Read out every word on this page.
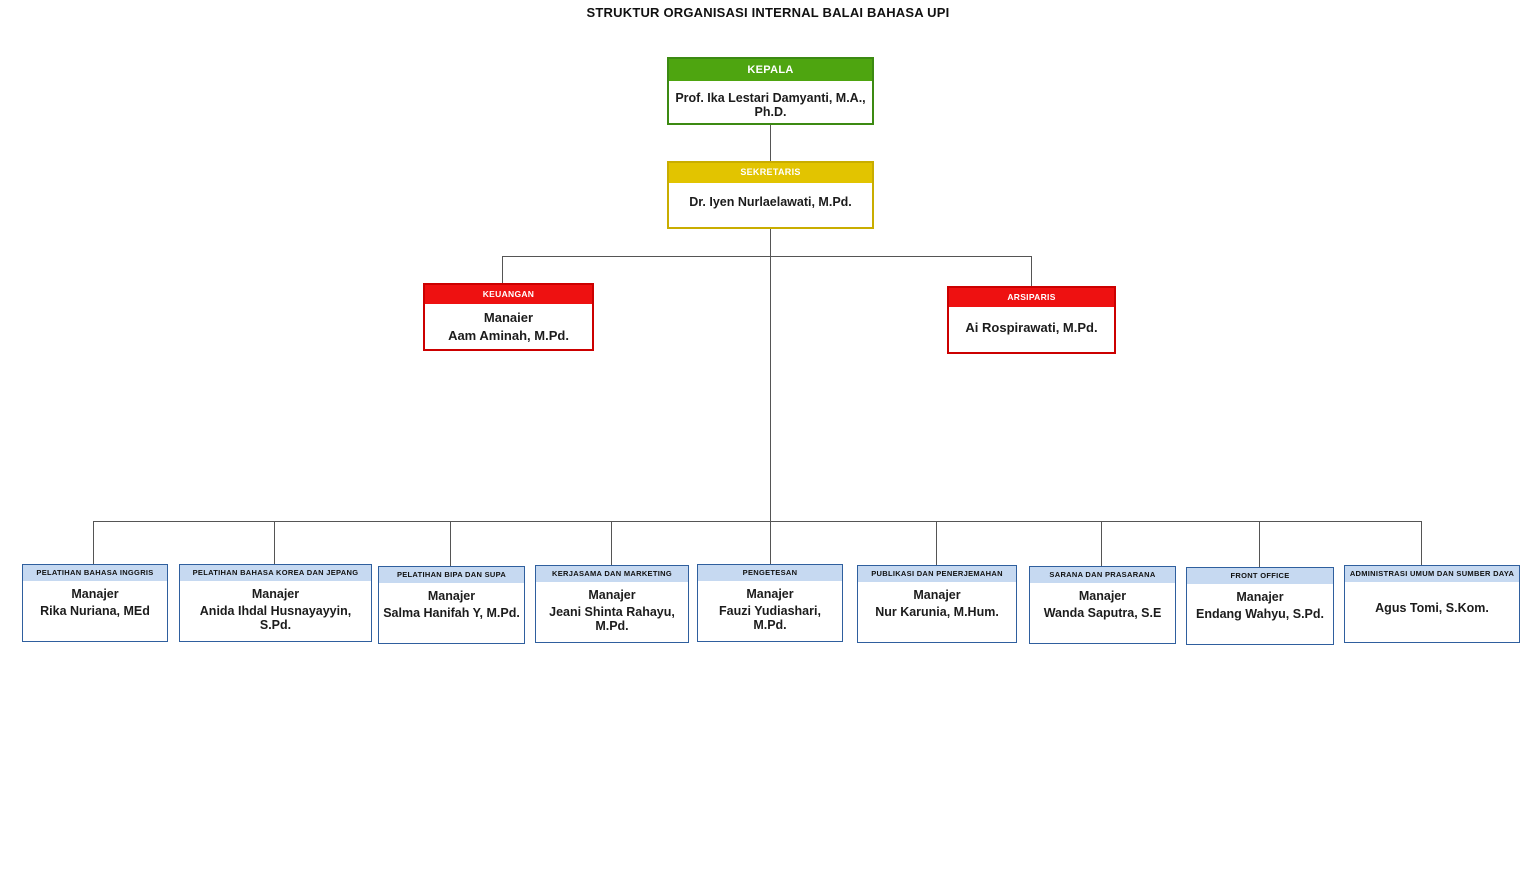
STRUKTUR ORGANISASI INTERNAL BALAI BAHASA UPI
KEPALA
Prof. Ika Lestari Damyanti, M.A., Ph.D.
SEKRETARIS
Dr. Iyen Nurlaelawati, M.Pd.
KEUANGAN
Manaier
Aam Aminah, M.Pd.
ARSIPARIS
Ai Rospirawati, M.Pd.
PELATIHAN BAHASA INGGRIS
Manajer
Rika Nuriana, MEd
PELATIHAN BAHASA KOREA DAN JEPANG
Manajer
Anida Ihdal Husnayayyin, S.Pd.
PELATIHAN BIPA DAN SUPA
Manajer
Salma Hanifah Y, M.Pd.
KERJASAMA DAN MARKETING
Manajer
Jeani Shinta Rahayu, M.Pd.
PENGETESAN
Manajer
Fauzi Yudiashari, M.Pd.
PUBLIKASI DAN PENERJEMAHAN
Manajer
Nur Karunia, M.Hum.
SARANA DAN PRASARANA
Manajer
Wanda Saputra, S.E
FRONT OFFICE
Manajer
Endang Wahyu, S.Pd.
ADMINISTRASI UMUM DAN SUMBER DAYA
Agus Tomi, S.Kom.
